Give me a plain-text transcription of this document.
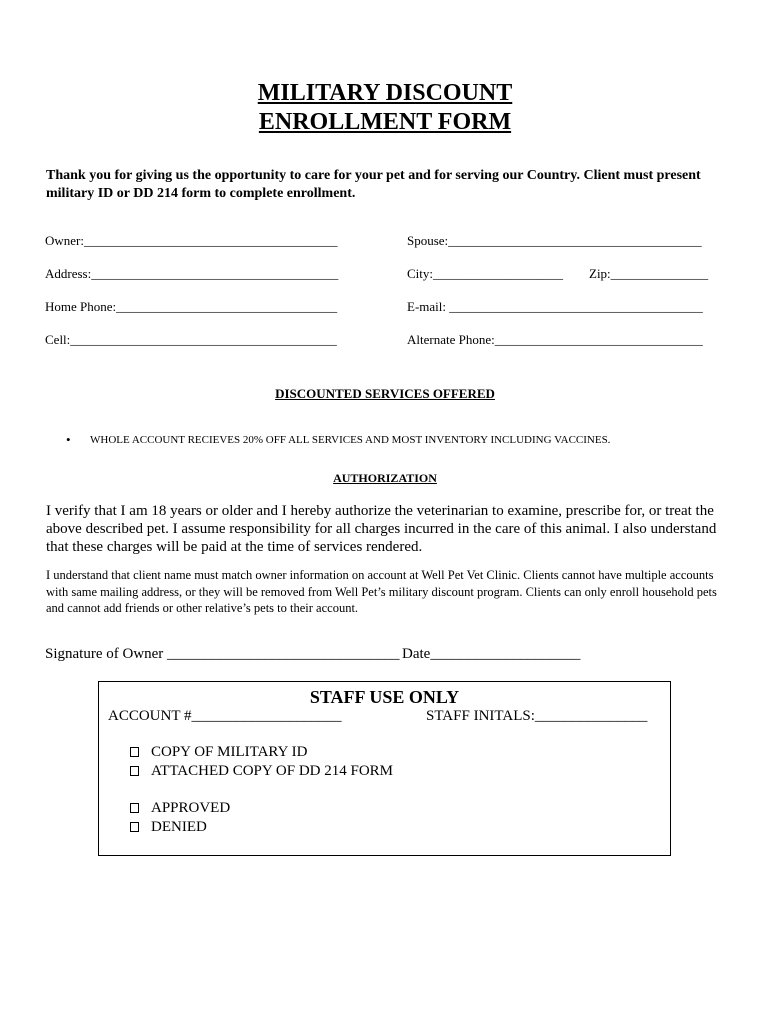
MILITARY DISCOUNT
ENROLLMENT FORM
Thank you for giving us the opportunity to care for your pet and for serving our Country. Client must present military ID or DD 214 form to complete enrollment.
Owner:_______________________________________	Spouse:_______________________________________
Address:______________________________________	City:____________________ Zip:_______________
Home Phone:__________________________________	E-mail: _______________________________________
Cell:_________________________________________	Alternate Phone:________________________________
DISCOUNTED SERVICES OFFERED
• WHOLE ACCOUNT RECIEVES 20% OFF ALL SERVICES AND MOST INVENTORY INCLUDING VACCINES.
AUTHORIZATION
I verify that I am 18 years or older and I hereby authorize the veterinarian to examine, prescribe for, or treat the above described pet. I assume responsibility for all charges incurred in the care of this animal. I also understand that these charges will be paid at the time of services rendered.
I understand that client name must match owner information on account at Well Pet Vet Clinic. Clients cannot have multiple accounts with same mailing address, or they will be removed from Well Pet’s military discount program. Clients can only enroll household pets and cannot add friends or other relative’s pets to their account.
Signature of Owner _______________________________ Date____________________
STAFF USE ONLY
ACCOUNT #____________________	STAFF INITALS:_______________
COPY OF MILITARY ID
ATTACHED COPY OF DD 214 FORM
APPROVED
DENIED
